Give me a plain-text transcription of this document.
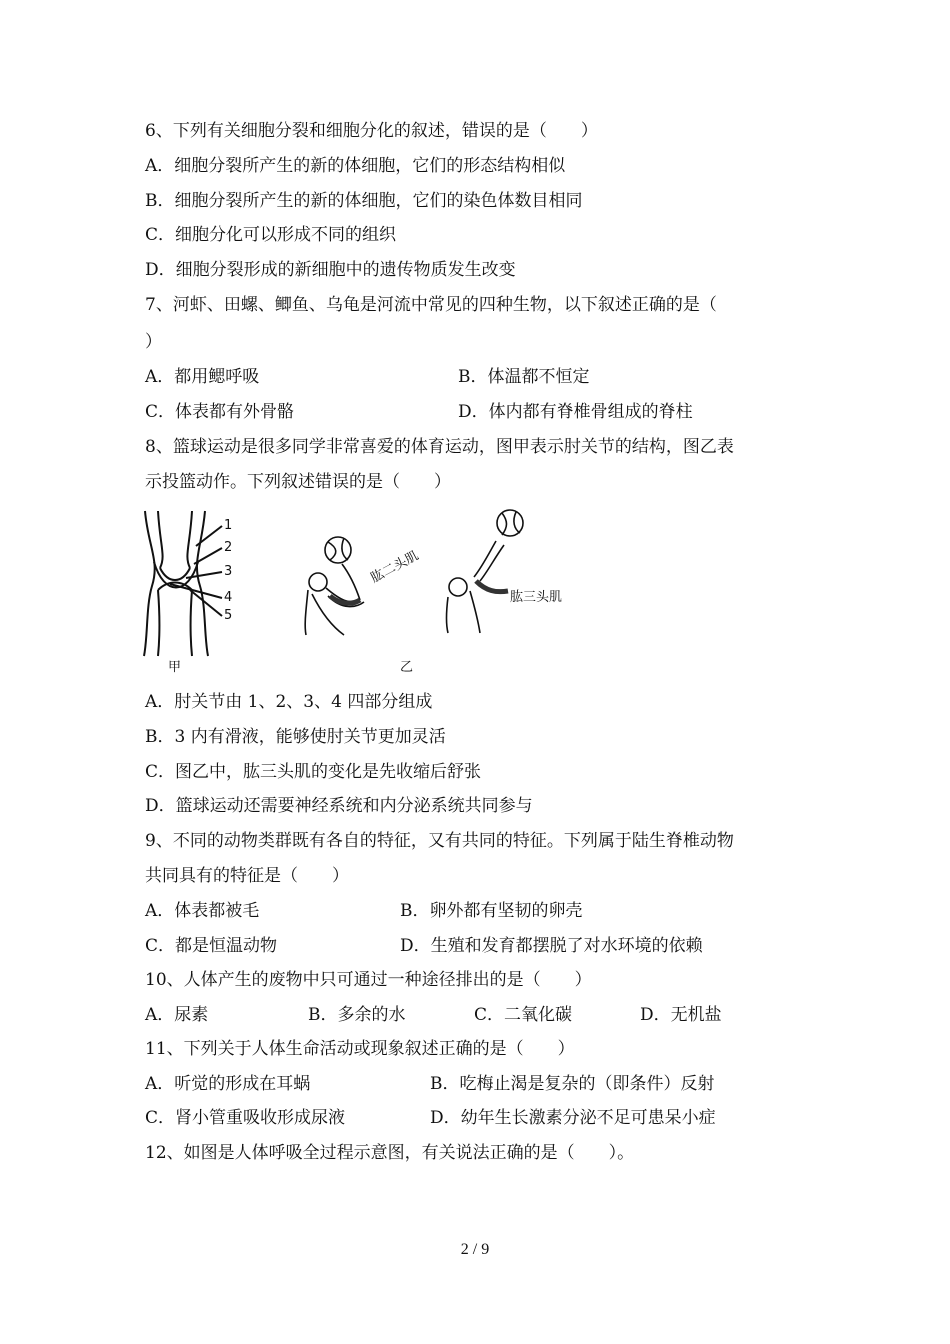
6、下列有关细胞分裂和细胞分化的叙述，错误的是（　　）
A．细胞分裂所产生的新的体细胞，它们的形态结构相似
B．细胞分裂所产生的新的体细胞，它们的染色体数目相同
C．细胞分化可以形成不同的组织
D．细胞分裂形成的新细胞中的遗传物质发生改变
7、河虾、田螺、鲫鱼、乌龟是河流中常见的四种生物，以下叙述正确的是（
）
A．都用鳃呼吸	B．体温都不恒定
C．体表都有外骨骼	D．体内都有脊椎骨组成的脊柱
8、篮球运动是很多同学非常喜爱的体育运动，图甲表示肘关节的结构，图乙表
示投篮动作。下列叙述错误的是（　　）
1
2
3
4
5
甲
肱二头肌
肱三头肌
乙
A．肘关节由 1、2、3、4 四部分组成
B．3 内有滑液，能够使肘关节更加灵活
C．图乙中，肱三头肌的变化是先收缩后舒张
D．篮球运动还需要神经系统和内分泌系统共同参与
9、不同的动物类群既有各自的特征，又有共同的特征。下列属于陆生脊椎动物
共同具有的特征是（　　）
A．体表都被毛	B．卵外都有坚韧的卵壳
C．都是恒温动物	D．生殖和发育都摆脱了对水环境的依赖
10、人体产生的废物中只可通过一种途径排出的是（　　）
A．尿素	B．多余的水	C．二氧化碳	D．无机盐
11、下列关于人体生命活动或现象叙述正确的是（　　）
A．听觉的形成在耳蜗	B．吃梅止渴是复杂的（即条件）反射
C．肾小管重吸收形成尿液	D．幼年生长激素分泌不足可患呆小症
12、如图是人体呼吸全过程示意图，有关说法正确的是（　　）。
2 / 9
